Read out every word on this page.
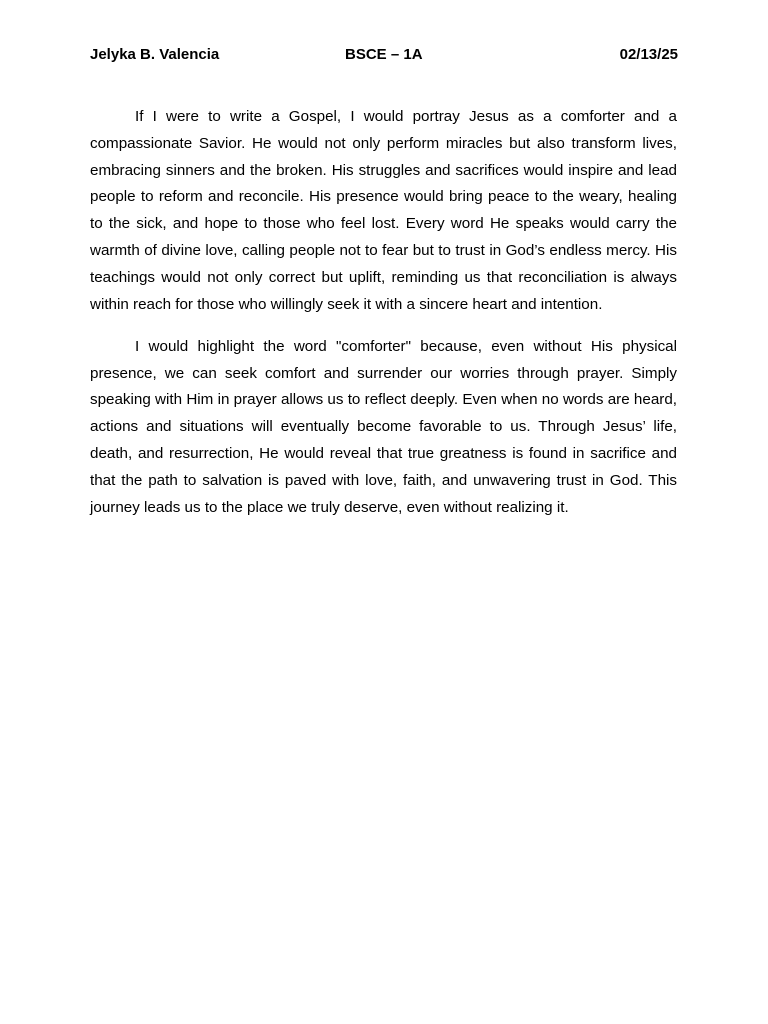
Jelyka B. Valencia	BSCE – 1A	02/13/25

If I were to write a Gospel, I would portray Jesus as a comforter and a compassionate Savior. He would not only perform miracles but also transform lives, embracing sinners and the broken. His struggles and sacrifices would inspire and lead people to reform and reconcile. His presence would bring peace to the weary, healing to the sick, and hope to those who feel lost. Every word He speaks would carry the warmth of divine love, calling people not to fear but to trust in God’s endless mercy. His teachings would not only correct but uplift, reminding us that reconciliation is always within reach for those who willingly seek it with a sincere heart and intention.

I would highlight the word "comforter" because, even without His physical presence, we can seek comfort and surrender our worries through prayer. Simply speaking with Him in prayer allows us to reflect deeply. Even when no words are heard, actions and situations will eventually become favorable to us. Through Jesus’ life, death, and resurrection, He would reveal that true greatness is found in sacrifice and that the path to salvation is paved with love, faith, and unwavering trust in God. This journey leads us to the place we truly deserve, even without realizing it.
